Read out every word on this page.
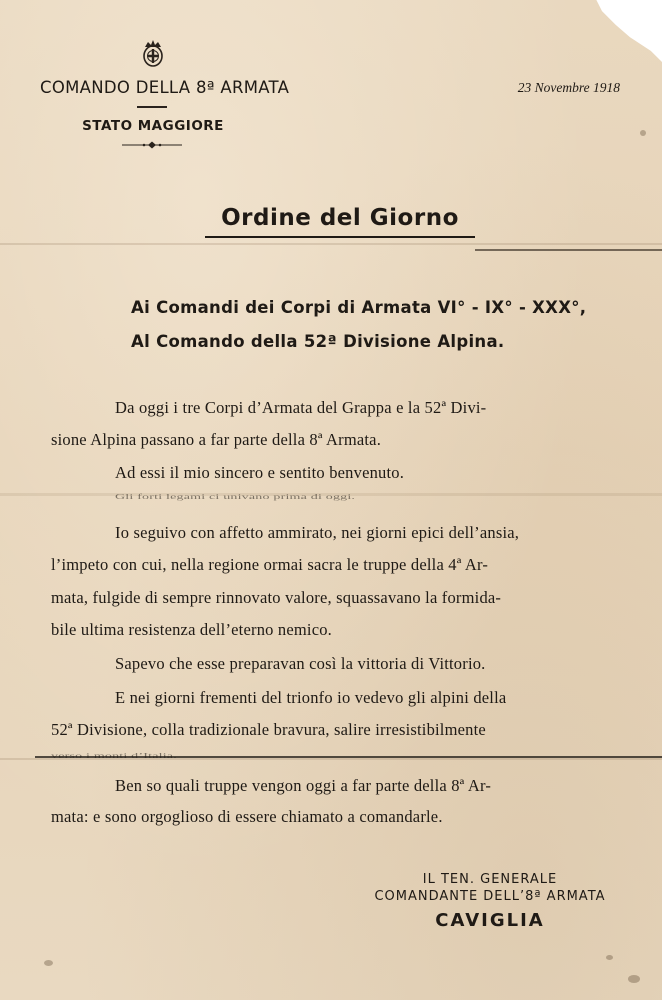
COMANDO DELLA 8ª ARMATA
STATO MAGGIORE
23 Novembre 1918
Ordine del Giorno
Ai Comandi dei Corpi di Armata VI° - IX° - XXX°,
Al Comando della 52ª Divisione Alpina.
Da oggi i tre Corpi d’Armata del Grappa e la 52ª Divi-
sione Alpina passano a far parte della 8ª Armata.
Ad essi il mio sincero e sentito benvenuto.
Gli forti legami ci univano prima di oggi.
Io seguivo con affetto ammirato, nei giorni epici dell’ansia,
l’impeto con cui, nella regione ormai sacra le truppe della 4ª Ar-
mata, fulgide di sempre rinnovato valore, squassavano la formida-
bile ultima resistenza dell’eterno nemico.
Sapevo che esse preparavan così la vittoria di Vittorio.
E nei giorni frementi del trionfo io vedevo gli alpini della
52ª Divisione, colla tradizionale bravura, salire irresistibilmente
Ben so quali truppe vengon oggi a far parte della 8ª Ar-
mata: e sono orgoglioso di essere chiamato a comandarle.
IL TEN. GENERALE
COMANDANTE DELL’8ª ARMATA
CAVIGLIA
